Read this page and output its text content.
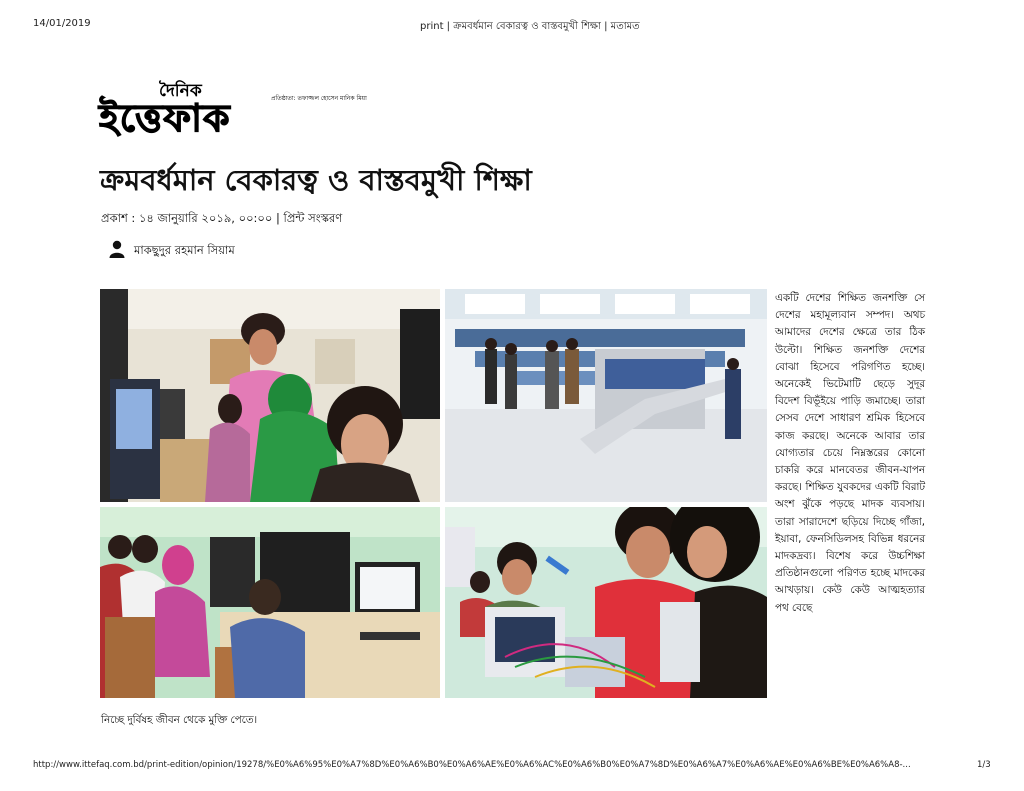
14/01/2019	print | ক্রমবর্ধমান বেকারত্ব ও বাস্তবমুখী শিক্ষা | মতামত
দৈনিক
ইত্তেফাক	প্রতিষ্ঠাতা: তফাজ্জল হোসেন মানিক মিয়া
ক্রমবর্ধমান বেকারত্ব ও বাস্তবমুখী শিক্ষা
প্রকাশ : ১৪ জানুয়ারি ২০১৯, ০০:০০ | প্রিন্ট সংস্করণ
মাকছুদুর রহমান সিয়াম
একটি দেশের শিক্ষিত জনশক্তি সে দেশের মহামূল্যবান সম্পদ। অথচ আমাদের দেশের ক্ষেত্রে তার ঠিক উল্টো। শিক্ষিত জনশক্তি দেশের বোঝা হিসেবে পরিগণিত হচ্ছে। অনেকেই ভিটেমাটি ছেড়ে সুদূর বিদেশ বিভূঁইয়ে পাড়ি জমাচ্ছে। তারা সেসব দেশে সাধারণ শ্রমিক হিসেবে কাজ করছে। অনেকে আবার তার যোগ্যতার চেয়ে নিম্নস্তরের কোনো চাকরি করে মানবেতর জীবন-যাপন করছে। শিক্ষিত যুবকদের একটি বিরাট অংশ ঝুঁকে পড়ছে মাদক ব্যবসায়। তারা সারাদেশে ছড়িয়ে দিচ্ছে গাঁজা, ইয়াবা, ফেনসিডিলসহ বিভিন্ন ধরনের মাদকদ্রব্য। বিশেষ করে উচ্চশিক্ষা প্রতিষ্ঠানগুলো পরিণত হচ্ছে মাদকের আখড়ায়। কেউ কেউ আত্মহত্যার পথ বেছে
নিচ্ছে দুর্বিষহ জীবন থেকে মুক্তি পেতে।
http://www.ittefaq.com.bd/print-edition/opinion/19278/%E0%A6%95%E0%A7%8D%E0%A6%B0%E0%A6%AE%E0%A6%AC%E0%A6%B0%E0%A7%8D%E0%A6%A7%E0%A6%AE%E0%A6%BE%E0%A6%A8-...	1/3
